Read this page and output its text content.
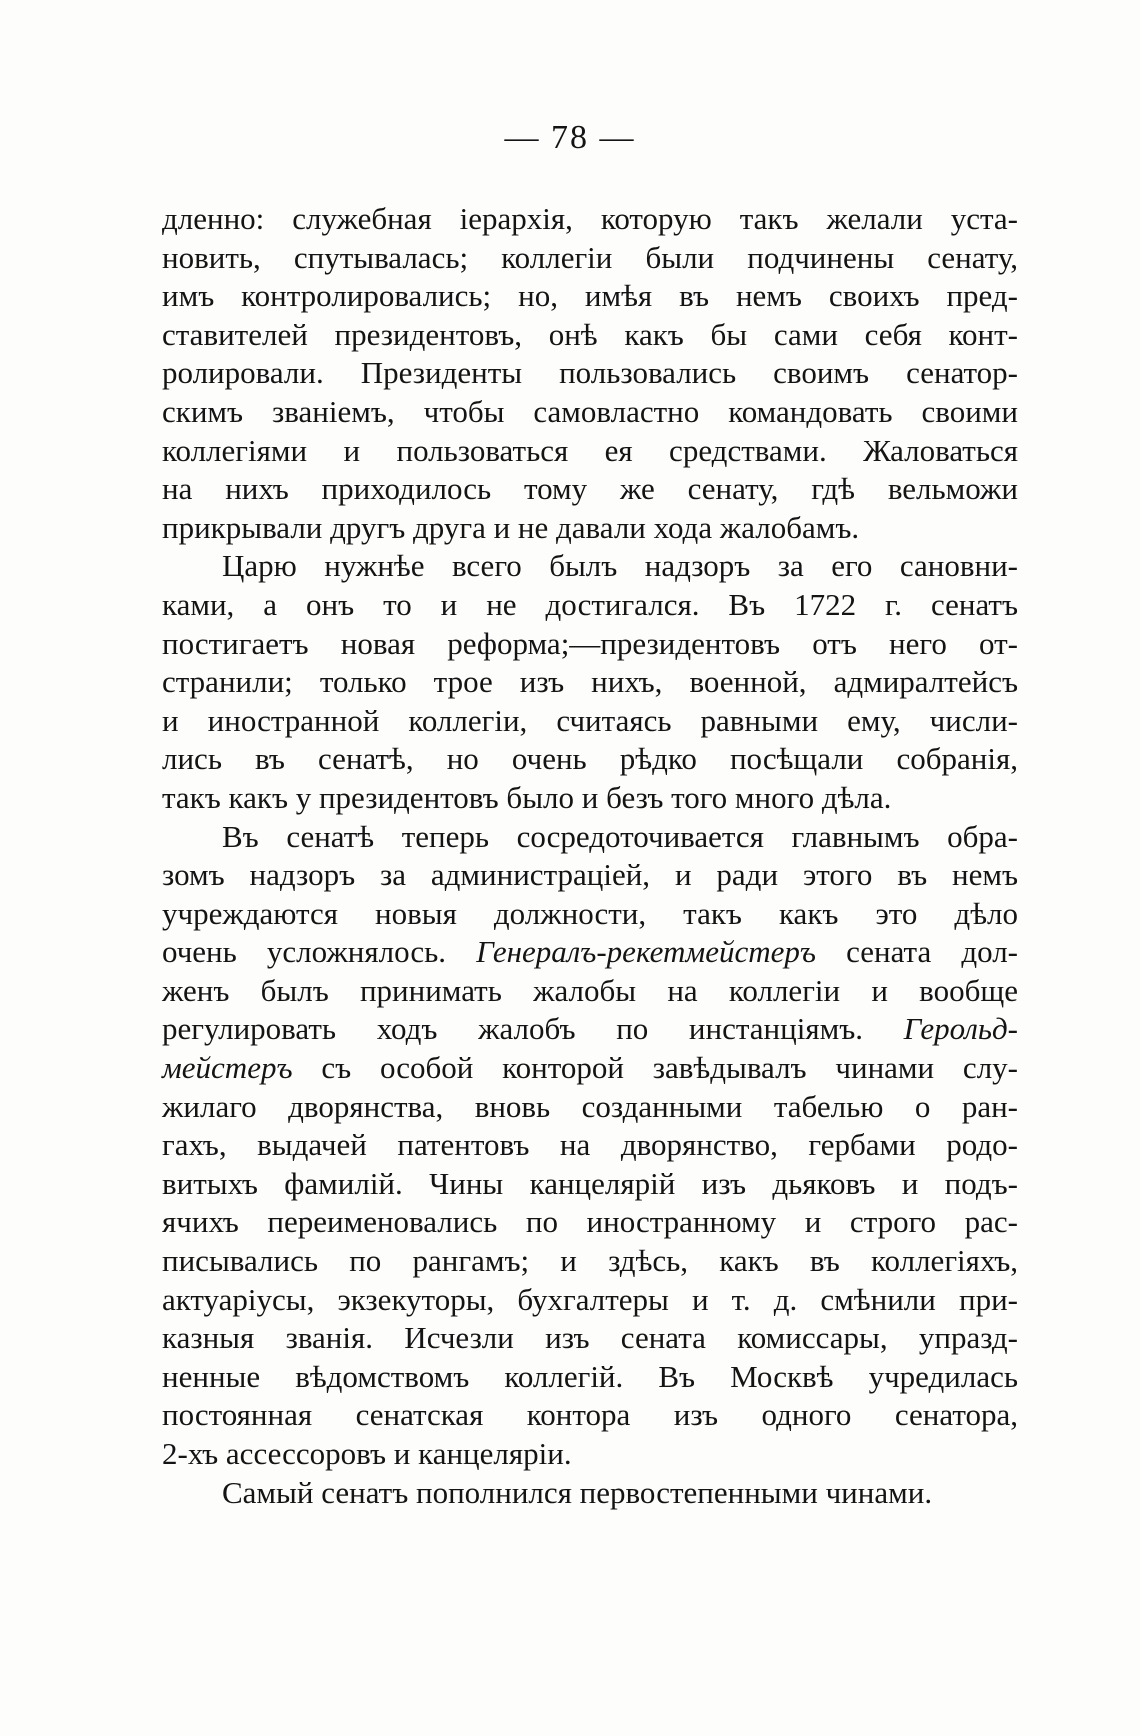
— 78 —
дленно: служебная іерархія, которую такъ желали уста-
новить, спутывалась; коллегіи были подчинены сенату,
имъ контролировались; но, имѣя въ немъ своихъ пред-
ставителей президентовъ, онѣ какъ бы сами себя конт-
ролировали. Президенты пользовались своимъ сенатор-
скимъ званіемъ, чтобы самовластно командовать своими
коллегіями и пользоваться ея средствами. Жаловаться
на нихъ приходилось тому же сенату, гдѣ вельможи
прикрывали другъ друга и не давали хода жалобамъ.
Царю нужнѣе всего былъ надзоръ за его сановни-
ками, а онъ то и не достигался. Въ 1722 г. сенатъ
постигаетъ новая реформа;—президентовъ отъ него от-
странили; только трое изъ нихъ, военной, адмиралтейсъ
и иностранной коллегіи, считаясь равными ему, числи-
лись въ сенатѣ, но очень рѣдко посѣщали собранія,
такъ какъ у президентовъ было и безъ того много дѣла.
Въ сенатѣ теперь сосредоточивается главнымъ обра-
зомъ надзоръ за администраціей, и ради этого въ немъ
учреждаются новыя должности, такъ какъ это дѣло
очень усложнялось. Генералъ-рекетмейстеръ сената дол-
женъ былъ принимать жалобы на коллегіи и вообще
регулировать ходъ жалобъ по инстанціямъ. Герольд-
мейстеръ съ особой конторой завѣдывалъ чинами слу-
жилаго дворянства, вновь созданными табелью о ран-
гахъ, выдачей патентовъ на дворянство, гербами родо-
витыхъ фамилій. Чины канцелярій изъ дьяковъ и подъ-
ячихъ переименовались по иностранному и строго рас-
писывались по рангамъ; и здѣсь, какъ въ коллегіяхъ,
актуаріусы, экзекуторы, бухгалтеры и т. д. смѣнили при-
казныя званія. Исчезли изъ сената комиссары, упразд-
ненные вѣдомствомъ коллегій. Въ Москвѣ учредилась
постоянная сенатская контора изъ одного сенатора,
2-хъ ассессоровъ и канцеляріи.
Самый сенатъ пополнился первостепенными чинами.
